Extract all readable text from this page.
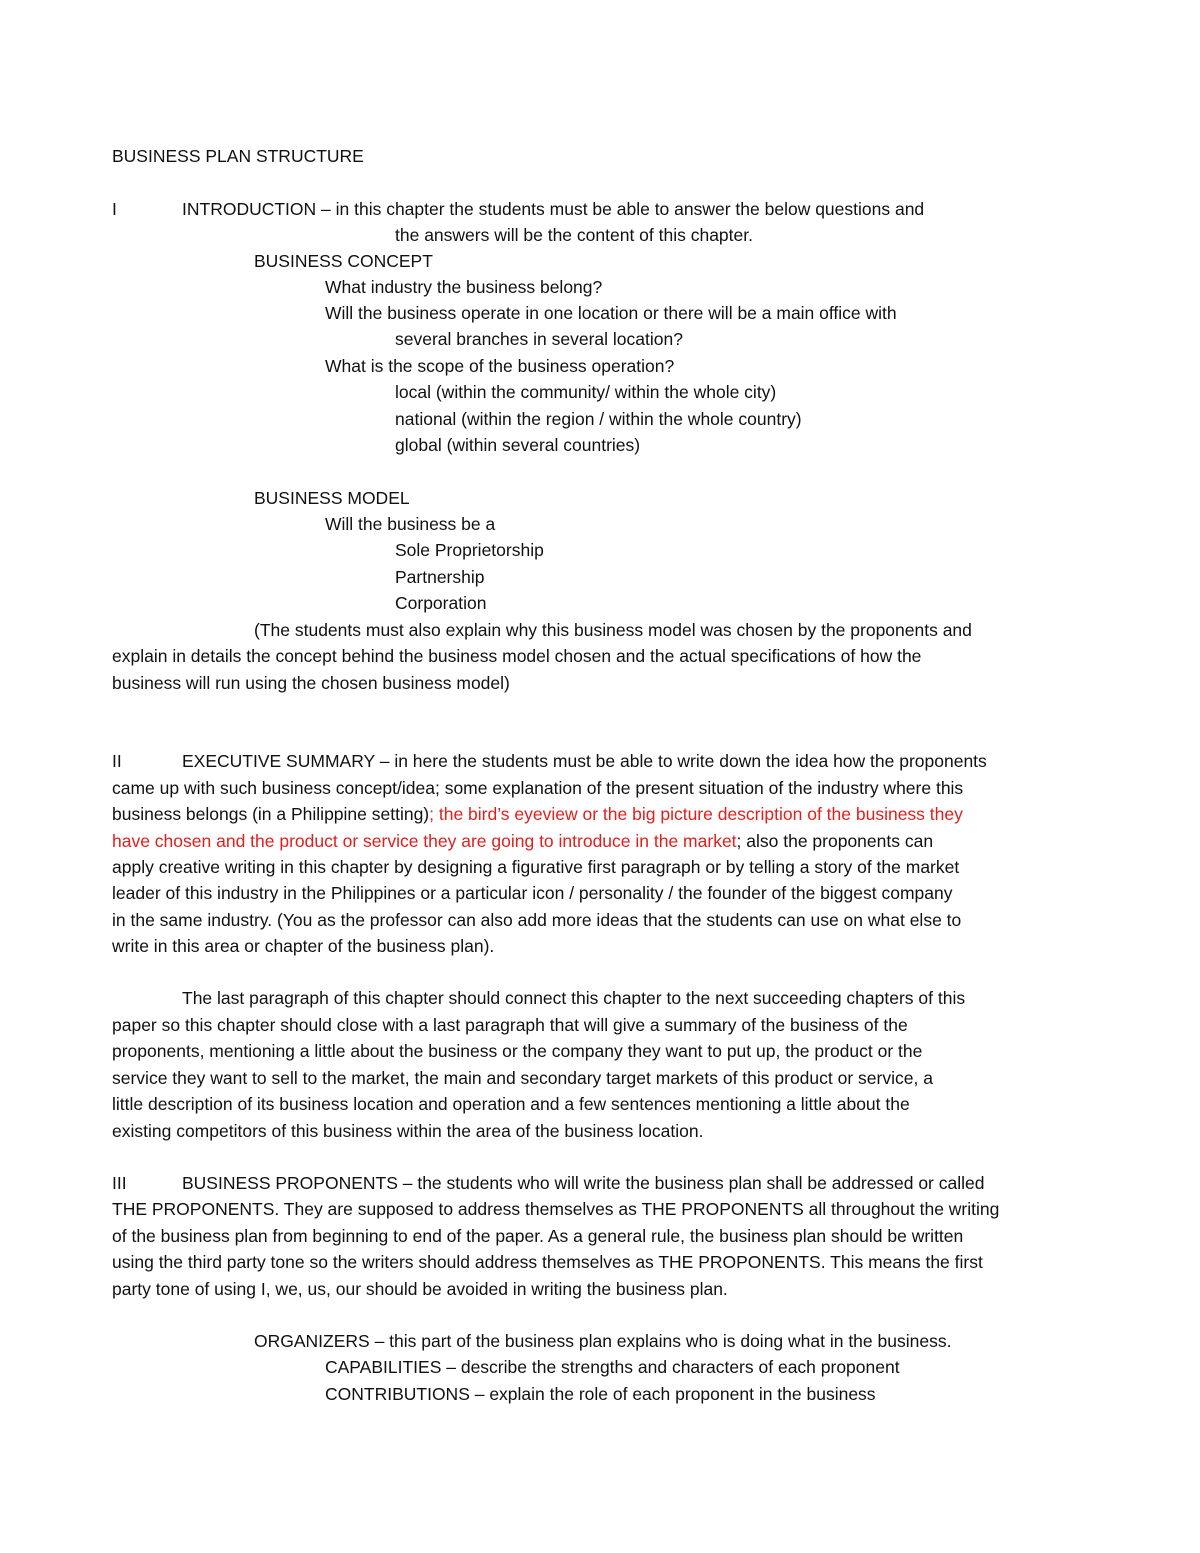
BUSINESS PLAN STRUCTURE
I	INTRODUCTION – in this chapter the students must be able to answer the below questions and
the answers will be the content of this chapter.
BUSINESS CONCEPT
What industry the business belong?
Will the business operate in one location or there will be a main office with
several branches in several location?
What is the scope of the business operation?
local (within the community/ within the whole city)
national (within the region / within the whole country)
global (within several countries)
BUSINESS MODEL
Will the business be a
Sole Proprietorship
Partnership
Corporation
(The students must also explain why this business model was chosen by the proponents and
explain in details the concept behind the business model chosen and the actual specifications of how the
business will run using the chosen business model)
II	EXECUTIVE SUMMARY – in here the students must be able to write down the idea how the proponents
came up with such business concept/idea; some explanation of the present situation of the industry where this
business belongs (in a Philippine setting); the bird’s eyeview or the big picture description of the business they
have chosen and the product or service they are going to introduce in the market; also the proponents can
apply creative writing in this chapter by designing a figurative first paragraph or by telling a story of the market
leader of this industry in the Philippines or a particular icon / personality / the founder of the biggest company
in the same industry. (You as the professor can also add more ideas that the students can use on what else to
write in this area or chapter of the business plan).
The last paragraph of this chapter should connect this chapter to the next succeeding chapters of this
paper so this chapter should close with a last paragraph that will give a summary of the business of the
proponents, mentioning a little about the business or the company they want to put up, the product or the
service they want to sell to the market, the main and secondary target markets of this product or service, a
little description of its business location and operation and a few sentences mentioning a little about the
existing competitors of this business within the area of the business location.
III	BUSINESS PROPONENTS – the students who will write the business plan shall be addressed or called
THE PROPONENTS. They are supposed to address themselves as THE PROPONENTS all throughout the writing
of the business plan from beginning to end of the paper. As a general rule, the business plan should be written
using the third party tone so the writers should address themselves as THE PROPONENTS. This means the first
party tone of using I, we, us, our should be avoided in writing the business plan.
ORGANIZERS – this part of the business plan explains who is doing what in the business.
CAPABILITIES – describe the strengths and characters of each proponent
CONTRIBUTIONS – explain the role of each proponent in the business
